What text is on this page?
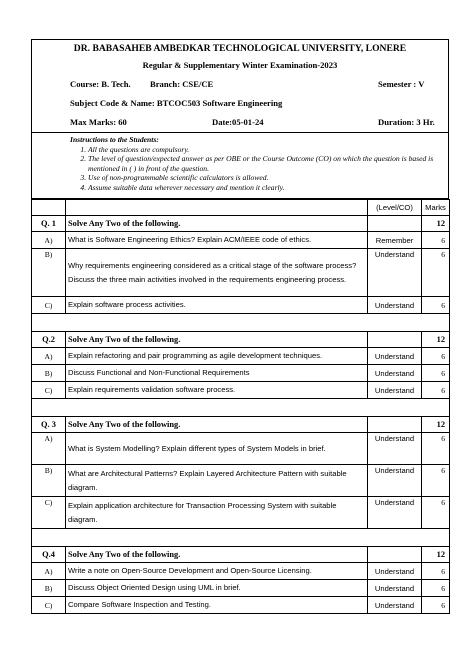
DR. BABASAHEB AMBEDKAR TECHNOLOGICAL UNIVERSITY, LONERE
Regular & Supplementary Winter Examination-2023
Course: B. Tech.	Branch: CSE/CE	Semester : V
Subject Code & Name: BTCOC503 Software Engineering
Max Marks: 60	Date:05-01-24	Duration: 3 Hr.
Instructions to the Students:
1. All the questions are compulsory.
2. The level of question/expected answer as per OBE or the Course Outcome (CO) on which the question is based is mentioned in ( ) in front of the question.
3. Use of non-programmable scientific calculators is allowed.
4. Assume suitable data wherever necessary and mention it clearly.
		(Level/CO)	Marks
Q. 1	Solve Any Two of the following.		12
A)	What is Software Engineering Ethics? Explain ACM/IEEE code of ethics.	Remember	6
B)	Why requirements engineering considered as a critical stage of the software process? Discuss the three main activities involved in the requirements engineering process.	Understand	6
C)	Explain software process activities.	Understand	6

Q.2	Solve Any Two of the following.		12
A)	Explain refactoring and pair programming as agile development techniques.	Understand	6
B)	Discuss Functional and Non-Functional Requirements	Understand	6
C)	Explain requirements validation software process.	Understand	6

Q. 3	Solve Any Two of the following.		12
A)	What is System Modelling? Explain different types of System Models in brief.	Understand	6
B)	What are Architectural Patterns? Explain Layered Architecture Pattern with suitable diagram.	Understand	6
C)	Explain application architecture for Transaction Processing System with suitable diagram.	Understand	6

Q.4	Solve Any Two of the following.		12
A)	Write a note on Open-Source Development and Open-Source Licensing.	Understand	6
B)	Discuss Object Oriented Design using UML in brief.	Understand	6
C)	Compare Software Inspection and Testing.	Understand	6
